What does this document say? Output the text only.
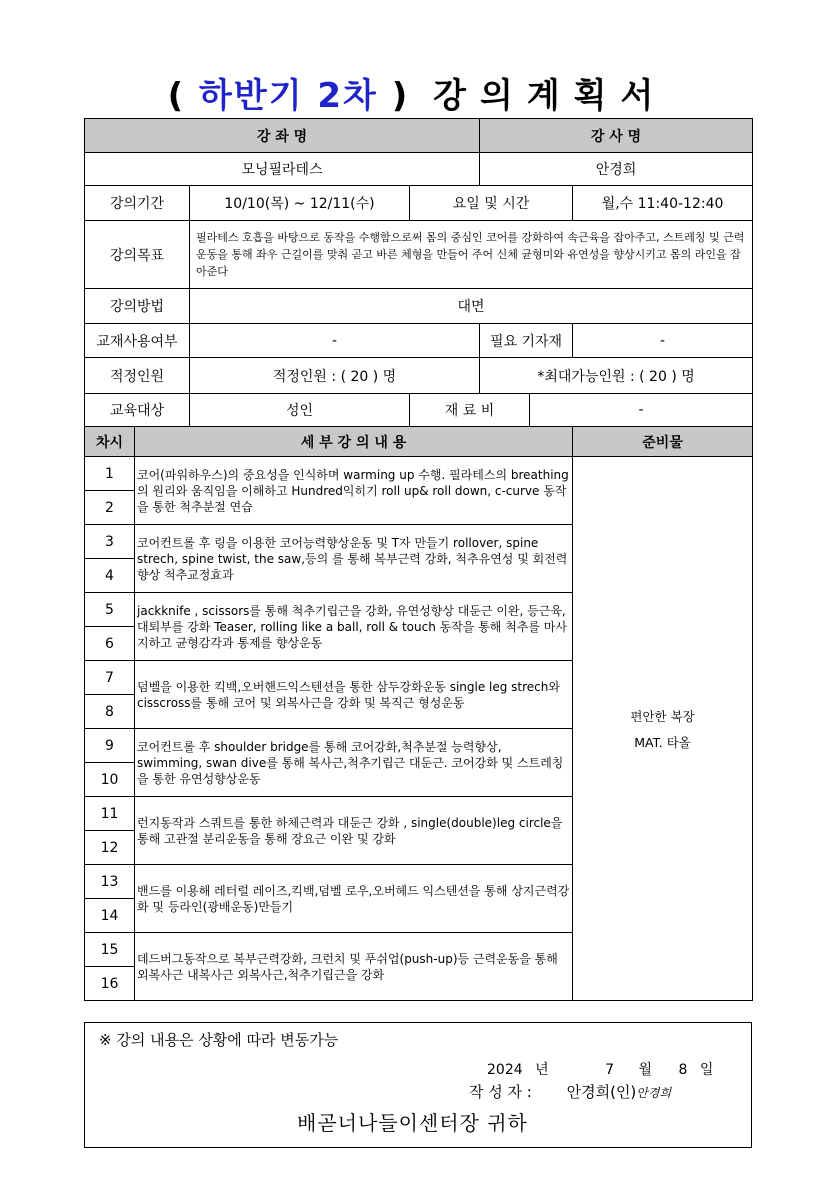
( 하반기 2차 ) 강의계획서
강 좌 명				강 사 명		
모닝필라테스				안경희		
강의기간		10/10(목) ~ 12/11(수)	요일 및 시간			월,수 11:40-12:40
강의목표		필라테스 호흡을 바탕으로 동작을 수행함으로써 몸의 중심인 코어를 강화하여 속근육을 잡아주고, 스트레칭 및 근력운동을 통해 좌우 근길이를 맞춰 곧고 바른 체형을 만들어 주어 신체 균형미와 유연성을 향상시키고 몸의 라인을 잡아준다				
강의방법		대면				
교재사용여부		-		필요 기자재		-
적정인원		적정인원 : ( 20 ) 명		*최대가능인원 : ( 20 ) 명		
교육대상		성인	재 료 비		-	
차시	세 부 강 의 내 용					준비물
1	코어(파워하우스)의 중요성을 인식하며 warming up 수행. 필라테스의 breathing의 원리와 움직임을 이해하고 Hundred익히기 roll up& roll down, c-curve 동작을 통한 척추분절 연습					편안한 복장
MAT. 타올

2						
3	코어컨트롤 후 링을 이용한 코어능력향상운동 및 T자 만들기 rollover, spine strech, spine twist, the saw,등의 를 통해 복부근력 강화, 척추유연성 및 회전력 향상 척추교정효과					
4						
5	jackknife , scissors를 통해 척추기립근을 강화, 유연성향상 대둔근 이완, 등근육, 대퇴부를 강화 Teaser, rolling like a ball, roll & touch 동작을 통해 척추를 마사지하고 균형감각과 통제를 향상운동					
6						
7	덤벨을 이용한 킥백,오버핸드익스텐션을 통한 삼두강화운동 single leg strech와 cisscross를 통해 코어 및 외복사근을 강화 및 복직근 형성운동					
8						
9	코어컨트롤 후 shoulder bridge를 통해 코어강화,척추분절 능력향상, swimming, swan dive를 통해 복사근,척추기립근 대둔근. 코어강화 및 스트레칭을 통한 유연성향상운동					
10						
11	런지동작과 스쿼트를 통한 하체근력과 대둔근 강화 , single(double)leg circle을 통해 고관절 분리운동을 통해 장요근 이완 및 강화					
12						
13	밴드를 이용해 레터럴 레이즈,킥백,덤벨 로우,오버헤드 익스텐션을 통해 상지근력강화 및 등라인(광배운동)만들기					
14						
15	데드버그동작으로 복부근력강화, 크런치 및 푸쉬업(push-up)등 근력운동을 통해 외복사근 내복사근 외복사근,척추기립근을 강화					
16						
※ 강의 내용은 상황에 따라 변동가능
2024 년	7 월 8 일
작 성 자 : 안경희(인)안경희
배곧너나들이센터장 귀하
